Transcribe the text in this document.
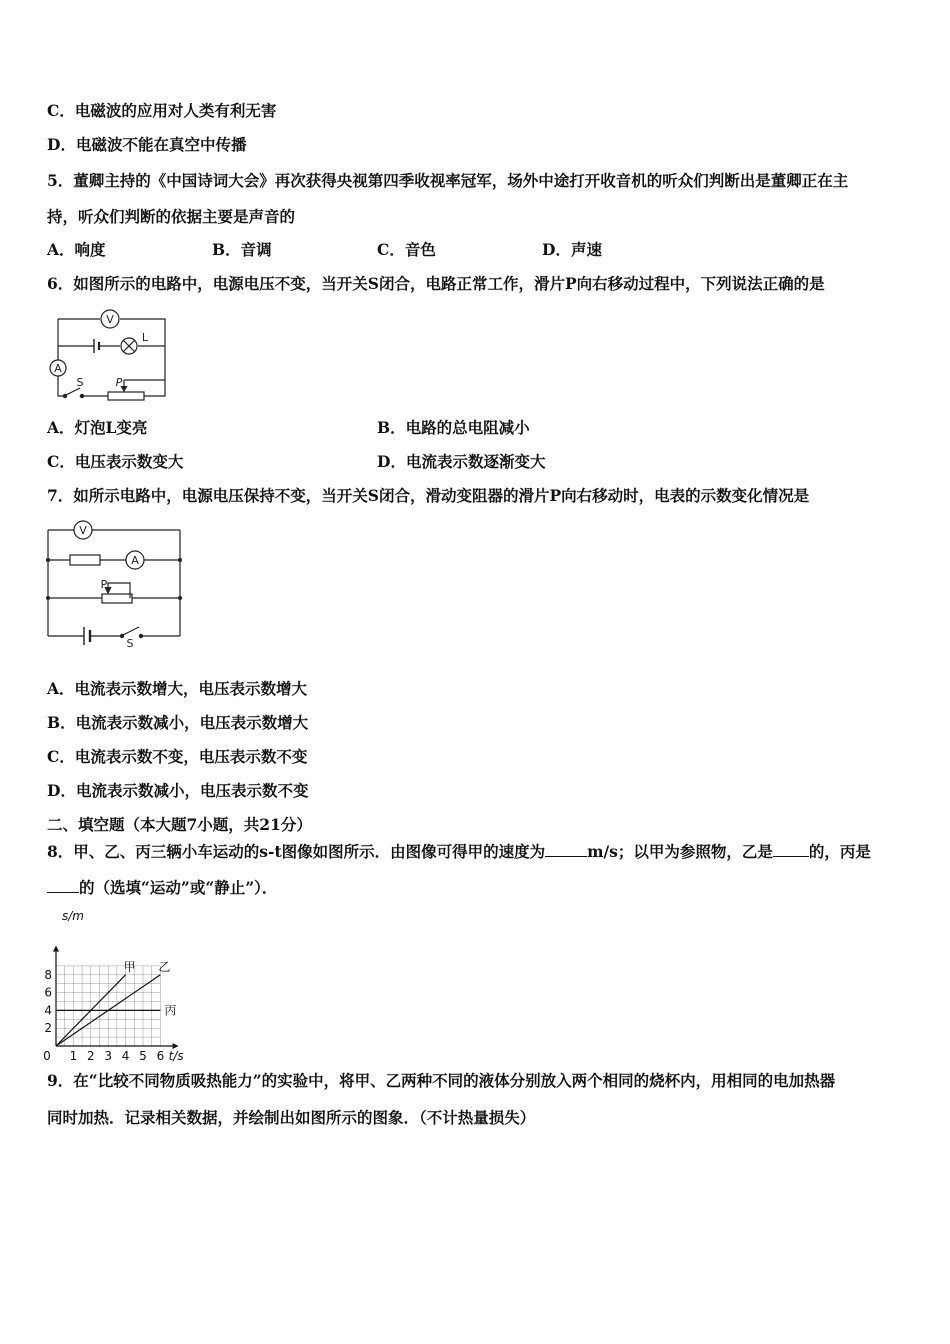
C．电磁波的应用对人类有利无害
D．电磁波不能在真空中传播
5．董卿主持的《中国诗词大会》再次获得央视第四季收视率冠军，场外中途打开收音机的听众们判断出是董卿正在主
持，听众们判断的依据主要是声音的
A．响度	B．音调	C．音色	D．声速
6．如图所示的电路中，电源电压不变，当开关S闭合，电路正常工作，滑片P向右移动过程中，下列说法正确的是
V
A
L
S	P
A．灯泡L变亮	B．电路的总电阻减小
C．电压表示数变大	D．电流表示数逐渐变大
7．如所示电路中，电源电压保持不变，当开关S闭合，滑动变阻器的滑片P向右移动时，电表的示数变化情况是
V
A
P
S
A．电流表示数增大，电压表示数增大
B．电流表示数减小，电压表示数增大
C．电流表示数不变，电压表示数不变
D．电流表示数减小，电压表示数不变
二、填空题（本大题7小题，共21分）
8．甲、乙、丙三辆小车运动的s-t图像如图所示．由图像可得甲的速度为	m/s；以甲为参照物，乙是 的，丙是
的（选填“运动”或“静止”）．
0 1 2 3 4 5 6
2
4
6
8
s/m
t/s
甲 乙
丙
9．在“比较不同物质吸热能力”的实验中，将甲、乙两种不同的液体分别放入两个相同的烧杯内，用相同的电加热器
同时加热．记录相关数据，并绘制出如图所示的图象．（不计热量损失）
